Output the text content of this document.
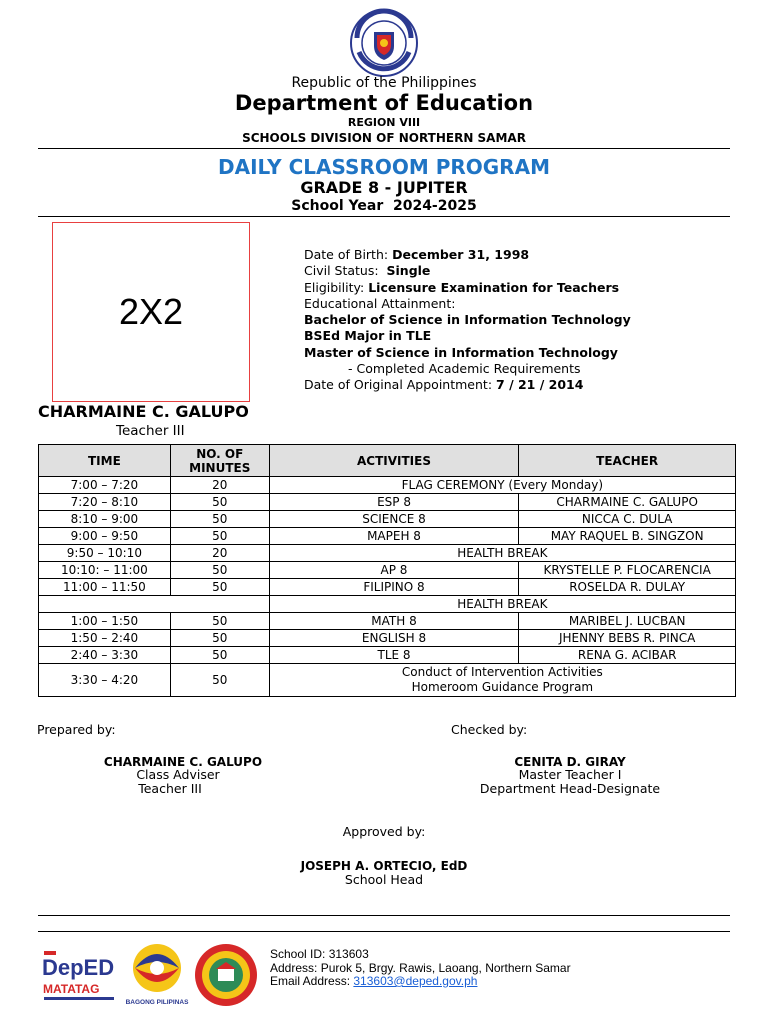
Republic of the Philippines
Department of Education
REGION VIII
SCHOOLS DIVISION OF NORTHERN SAMAR
DAILY CLASSROOM PROGRAM
GRADE 8 - JUPITER
School Year  2024-2025
2X2
Date of Birth: December 31, 1998
Civil Status: Single
Eligibility: Licensure Examination for Teachers
Educational Attainment:
Bachelor of Science in Information Technology
BSEd Major in TLE
Master of Science in Information Technology
- Completed Academic Requirements
Date of Original Appointment: 7 / 21 / 2014
CHARMAINE C. GALUPO
Teacher III
TIME	NO. OF MINUTES	ACTIVITIES	TEACHER
7:00 – 7:20	20	FLAG CEREMONY (Every Monday)	
7:20 – 8:10	50	ESP 8	CHARMAINE C. GALUPO
8:10 – 9:00	50	SCIENCE 8	NICCA C. DULA
9:00 – 9:50	50	MAPEH 8	MAY RAQUEL B. SINGZON
9:50 – 10:10	20	HEALTH BREAK	
10:10: – 11:00	50	AP 8	KRYSTELLE P. FLOCARENCIA
11:00 – 11:50	50	FILIPINO 8	ROSELDA R. DULAY
		HEALTH BREAK	
1:00 – 1:50	50	MATH 8	MARIBEL J. LUCBAN
1:50 – 2:40	50	ENGLISH 8	JHENNY BEBS R. PINCA
2:40 – 3:30	50	TLE 8	RENA G. ACIBAR
3:30 – 4:20	50	Conduct of Intervention Activities
Homeroom Guidance Program	
Prepared by:	Checked by:
CHARMAINE C. GALUPO
Class Adviser
Teacher III
CENITA D. GIRAY
Master Teacher I
Department Head-Designate
Approved by:
JOSEPH A. ORTECIO, EdD
School Head
DepED
MATATAG
BAGONG PILIPINAS
School ID: 313603
Address: Purok 5, Brgy. Rawis, Laoang, Northern Samar
Email Address: 313603@deped.gov.ph
